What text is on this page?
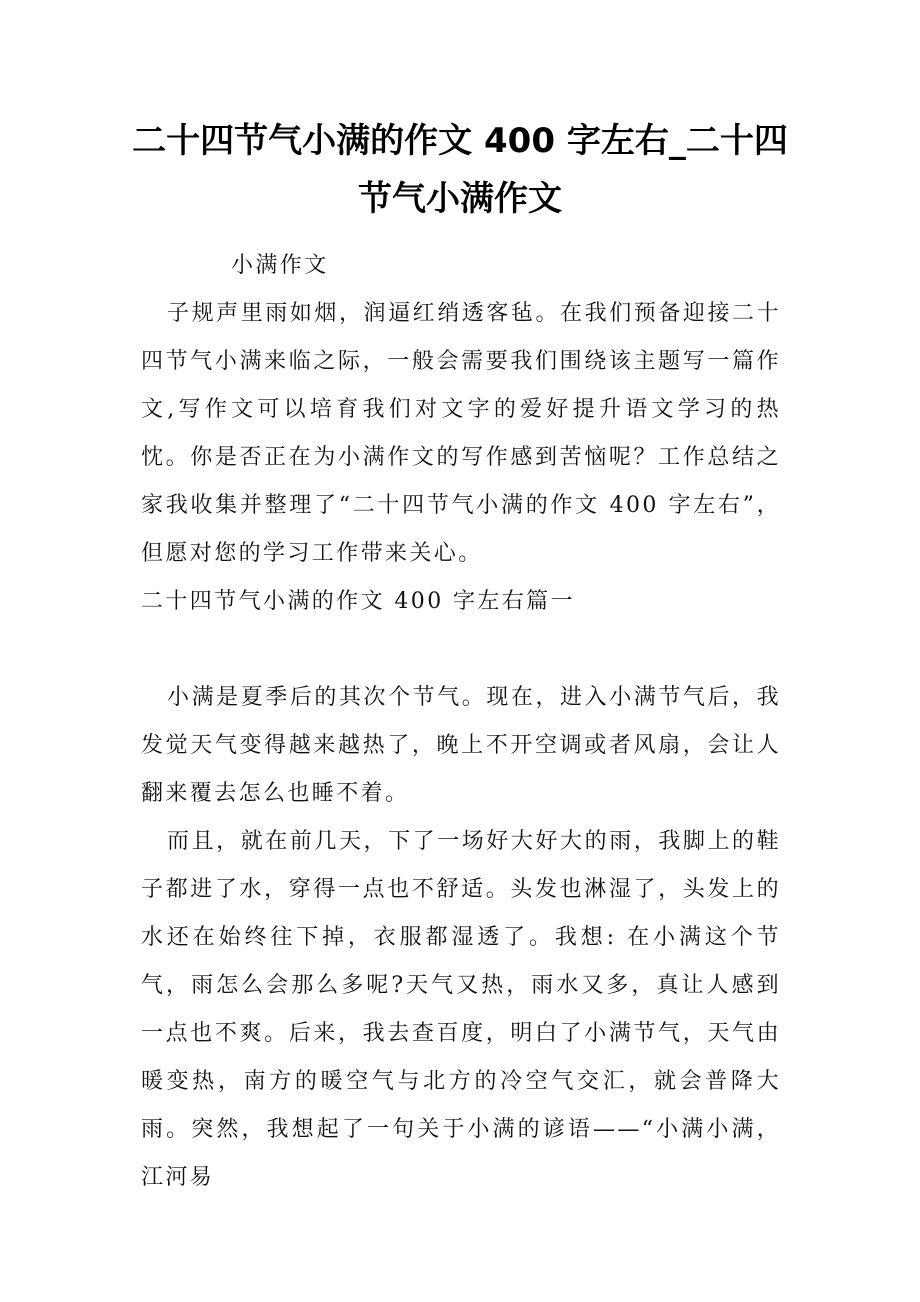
二十四节气小满的作文 400 字左右_二十四节气小满作文
小满作文

子规声里雨如烟，润逼红绡透客毡。在我们预备迎接二十四节气小满来临之际，一般会需要我们围绕该主题写一篇作文,写作文可以培育我们对文字的爱好提升语文学习的热忱。你是否正在为小满作文的写作感到苦恼呢？工作总结之家我收集并整理了“二十四节气小满的作文 400 字左右”，但愿对您的学习工作带来关心。

二十四节气小满的作文 400 字左右篇一

小满是夏季后的其次个节气。现在，进入小满节气后，我发觉天气变得越来越热了，晚上不开空调或者风扇，会让人翻来覆去怎么也睡不着。

而且，就在前几天，下了一场好大好大的雨，我脚上的鞋子都进了水，穿得一点也不舒适。头发也淋湿了，头发上的水还在始终往下掉，衣服都湿透了。我想: 在小满这个节气，雨怎么会那么多呢?天气又热，雨水又多，真让人感到一点也不爽。后来，我去查百度，明白了小满节气，天气由暖变热，南方的暖空气与北方的冷空气交汇，就会普降大雨。突然，我想起了一句关于小满的谚语——“小满小满，江河易
